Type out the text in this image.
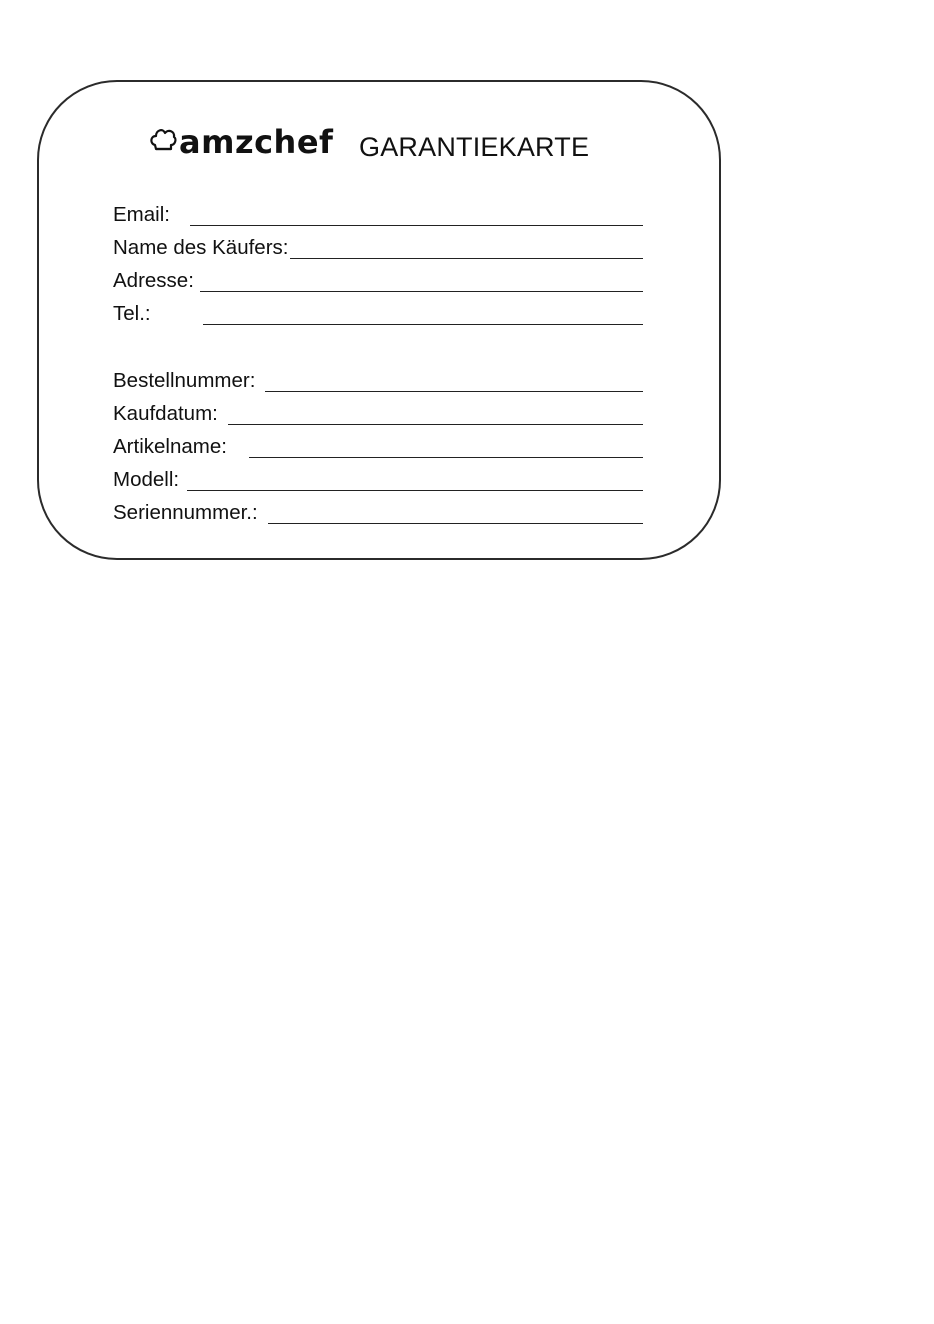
amzchef GARANTIEKARTE
Email:
Name des Käufers:
Adresse:
Tel.:
Bestellnummer:
Kaufdatum:
Artikelname:
Modell:
Seriennummer.:
